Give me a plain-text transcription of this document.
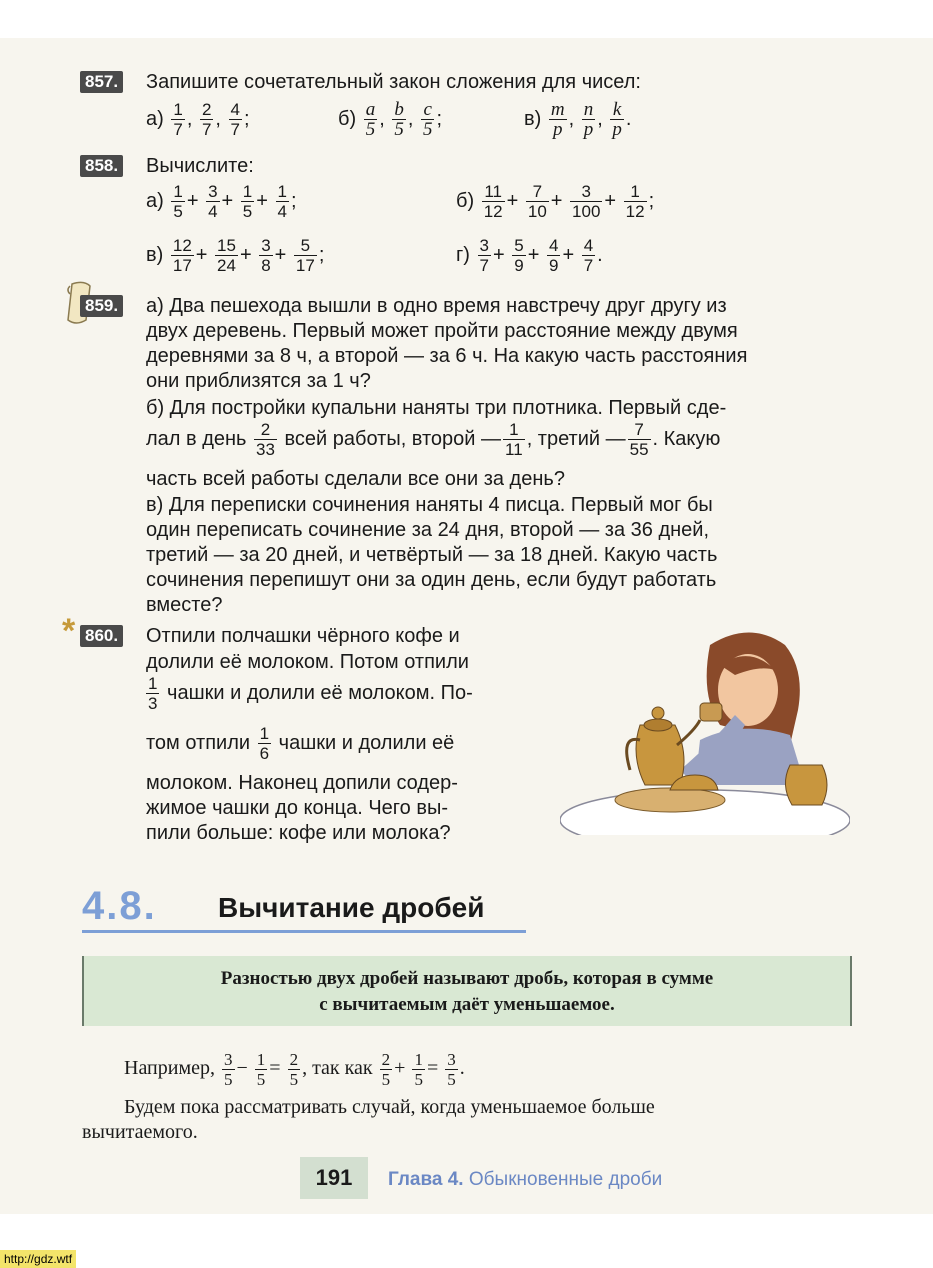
857. Запишите сочетательный закон сложения для чисел:
$а) \frac{1}{7}$ , $\frac{2}{7}$ , $\frac{4}{7}$ ;	$б) \frac{a}{5}$ , $\frac{b}{5}$ , $\frac{c}{5}$ ;	$в) \frac{m}{p}$ , $\frac{n}{p}$ , $\frac{k}{p}$ .
858. Вычислите:
$а) \frac{1}{5} + \frac{3}{4} + \frac{1}{5} + \frac{1}{4}$ ;	$б) \frac{11}{12} + \frac{7}{10} + \frac{3}{100} + \frac{1}{12}$ ;
$в) \frac{12}{17} + \frac{15}{24} + \frac{3}{8} + \frac{5}{17}$ ;	$г) \frac{3}{7} + \frac{5}{9} + \frac{4}{9} + \frac{4}{7}$ .
859. а) Два пешехода вышли в одно время навстречу друг другу из
двух деревень. Первый может пройти расстояние между двумя
деревнями за 8 ч, а второй — за 6 ч. На какую часть расстояния
они приблизятся за 1 ч?
б) Для постройки купальни наняты три плотника. Первый сде-
лал в день $\frac{2}{33}$ всей работы, второй — $\frac{1}{11}$ , третий — $\frac{7}{55}$ . Какую
часть всей работы сделали все они за день?
в) Для переписки сочинения наняты 4 писца. Первый мог бы
один переписать сочинение за 24 дня, второй — за 36 дней,
третий — за 20 дней, и четвёртый — за 18 дней. Какую часть
сочинения перепишут они за один день, если будут работать
вместе?
* 860. Отпили полчашки чёрного кофе и
долили её молоком. Потом отпили
$\frac{1}{3}$ чашки и долили её молоком. По-
том отпили $\frac{1}{6}$ чашки и долили её
молоком. Наконец допили содер-
жимое чашки до конца. Чего вы-
пили больше: кофе или молока?
4.8. Вычитание дробей
Разностью двух дробей называют дробь, которая в сумме
с вычитаемым даёт уменьшаемое.
Например, $\frac{3}{5} - \frac{1}{5} = \frac{2}{5}$ , так как $\frac{2}{5} + \frac{1}{5} = \frac{3}{5}$ .
Будем пока рассматривать случай, когда уменьшаемое больше
вычитаемого.
191	Глава 4. Обыкновенные дроби
http://gdz.wtf
